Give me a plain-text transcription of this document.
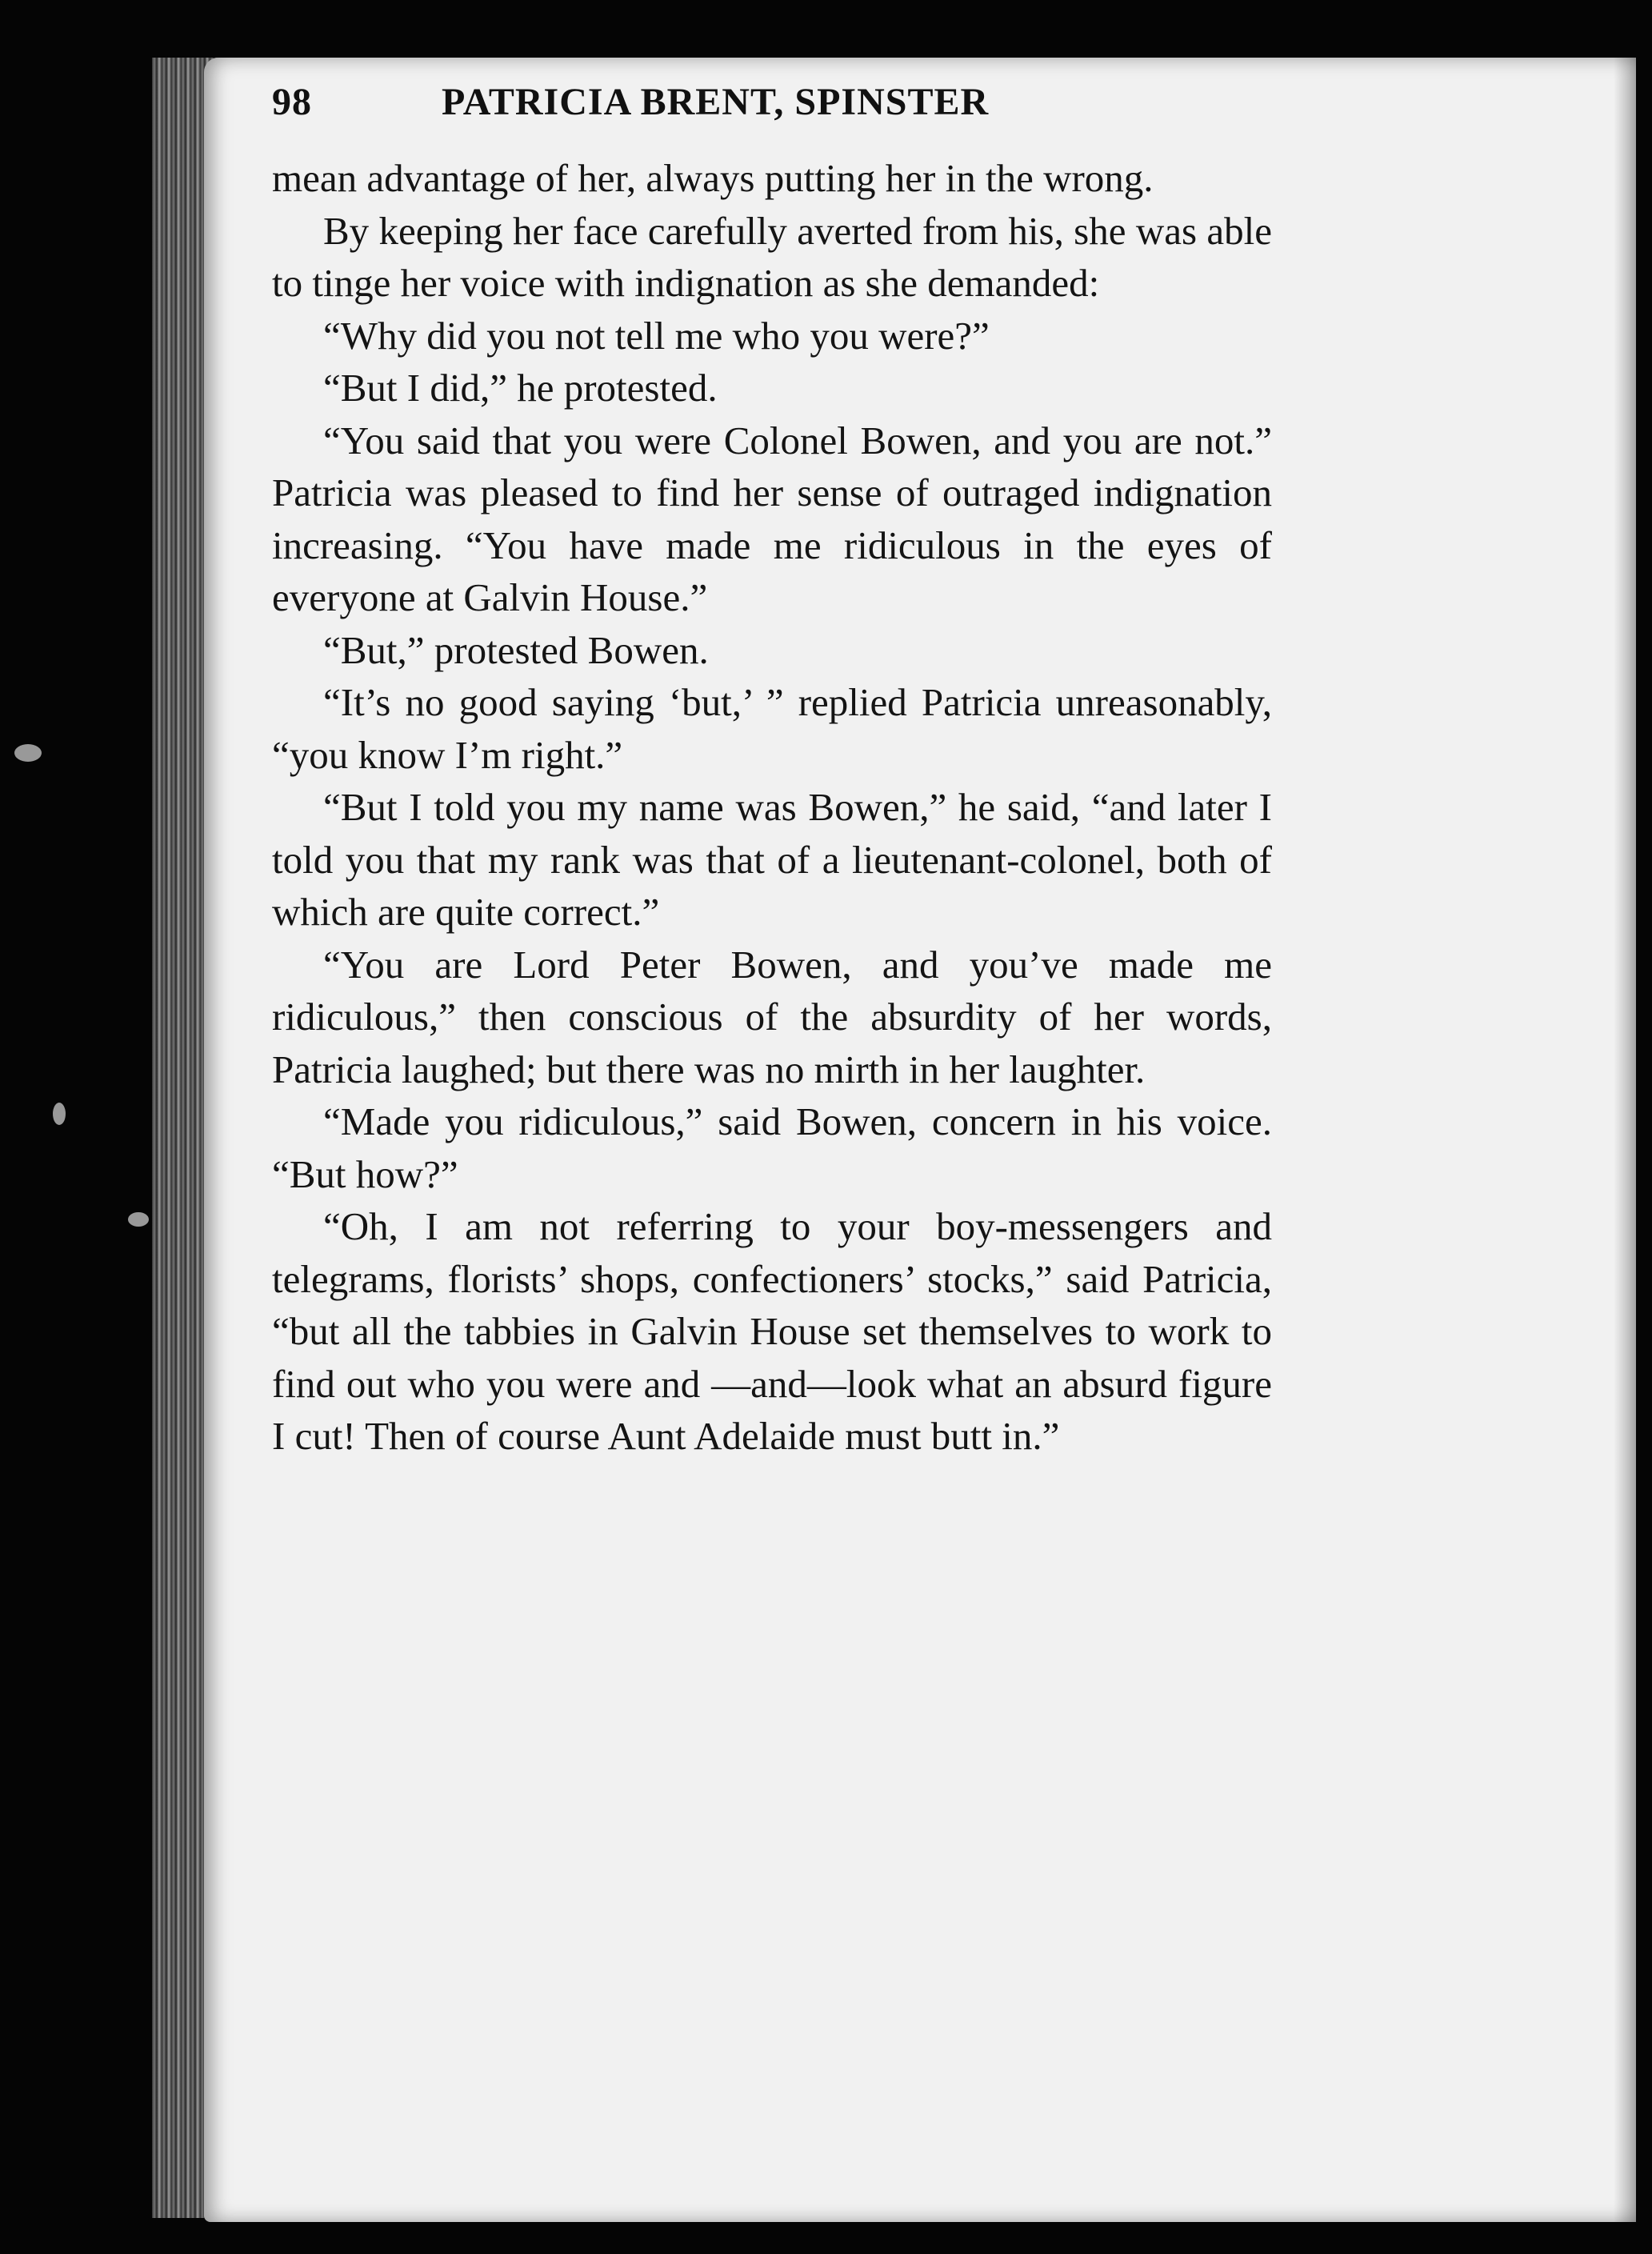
98	PATRICIA BRENT, SPINSTER

mean advantage of her, always putting her in the wrong.

By keeping her face carefully averted from his, she was able to tinge her voice with indignation as she demanded:

“Why did you not tell me who you were?”

“But I did,” he protested.

“You said that you were Colonel Bowen, and you are not.” Patricia was pleased to find her sense of outraged indignation increasing. “You have made me ridiculous in the eyes of everyone at Galvin House.”

“But,” protested Bowen.

“It’s no good saying ‘but,’ ” replied Patricia unreasonably, “you know I’m right.”

“But I told you my name was Bowen,” he said, “and later I told you that my rank was that of a lieutenant-colonel, both of which are quite correct.”

“You are Lord Peter Bowen, and you’ve made me ridiculous,” then conscious of the absurdity of her words, Patricia laughed; but there was no mirth in her laughter.

“Made you ridiculous,” said Bowen, concern in his voice. “But how?”

“Oh, I am not referring to your boy-messengers and telegrams, florists’ shops, confectioners’ stocks,” said Patricia, “but all the tabbies in Galvin House set themselves to work to find out who you were and —and—look what an absurd figure I cut! Then of course Aunt Adelaide must butt in.”
